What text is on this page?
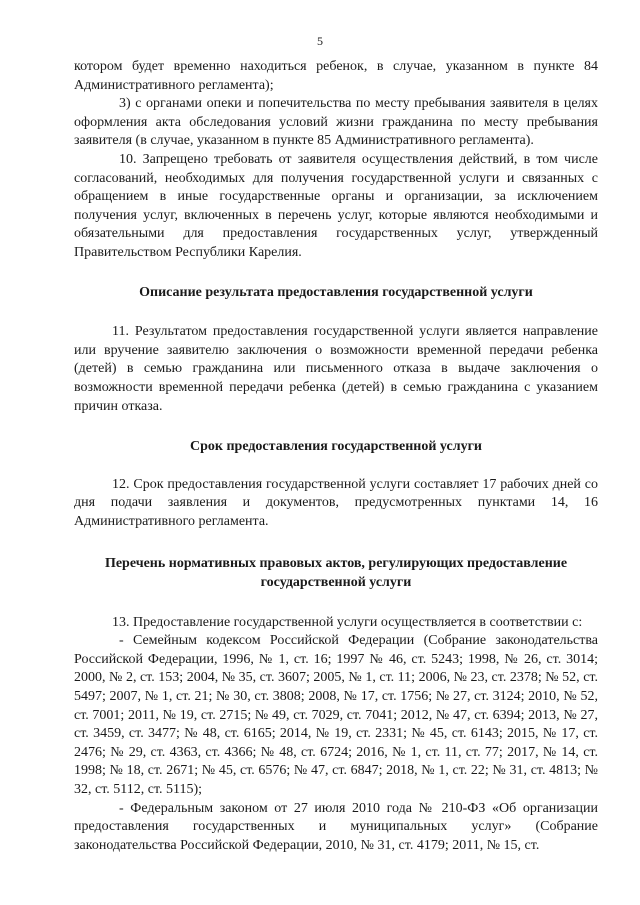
5

котором будет временно находиться ребенок, в случае, указанном в пункте 84 Административного регламента);

3) с органами опеки и попечительства по месту пребывания заявителя в целях оформления акта обследования условий жизни гражданина по месту пребывания заявителя (в случае, указанном в пункте 85 Административного регламента).

10. Запрещено требовать от заявителя осуществления действий, в том числе согласований, необходимых для получения государственной услуги и связанных с обращением в иные государственные органы и организации, за исключением получения услуг, включенных в перечень услуг, которые являются необходимыми и обязательными для предоставления государственных услуг, утвержденный Правительством Республики Карелия.

Описание результата предоставления государственной услуги

11. Результатом предоставления государственной услуги является направление или вручение заявителю заключения о возможности временной передачи ребенка (детей) в семью гражданина или письменного отказа в выдаче заключения о возможности временной передачи ребенка (детей) в семью гражданина с указанием причин отказа.

Срок предоставления государственной услуги

12. Срок предоставления государственной услуги составляет 17 рабочих дней со дня подачи заявления и документов, предусмотренных пунктами 14, 16 Административного регламента.

Перечень нормативных правовых актов, регулирующих предоставление государственной услуги

13. Предоставление государственной услуги осуществляется в соответствии с:

- Семейным кодексом Российской Федерации (Собрание законодательства Российской Федерации, 1996, № 1, ст. 16; 1997 № 46, ст. 5243; 1998, № 26, ст. 3014; 2000, № 2, ст. 153; 2004, № 35, ст. 3607; 2005, № 1, ст. 11; 2006, № 23, ст. 2378; № 52, ст. 5497; 2007, № 1, ст. 21; № 30, ст. 3808; 2008, № 17, ст. 1756; № 27, ст. 3124; 2010, № 52, ст. 7001; 2011, № 19, ст. 2715; № 49, ст. 7029, ст. 7041; 2012, № 47, ст. 6394; 2013, № 27, ст. 3459, ст. 3477; № 48, ст. 6165; 2014, № 19, ст. 2331; № 45, ст. 6143; 2015, № 17, ст. 2476; № 29, ст. 4363, ст. 4366; № 48, ст. 6724; 2016, № 1, ст. 11, ст. 77; 2017, № 14, ст. 1998; № 18, ст. 2671; № 45, ст. 6576; № 47, ст. 6847; 2018, № 1, ст. 22; № 31, ст. 4813; № 32, ст. 5112, ст. 5115);

- Федеральным законом от 27 июля 2010 года № 210-ФЗ «Об организации предоставления государственных и муниципальных услуг» (Собрание законодательства Российской Федерации, 2010, № 31, ст. 4179; 2011, № 15, ст.
